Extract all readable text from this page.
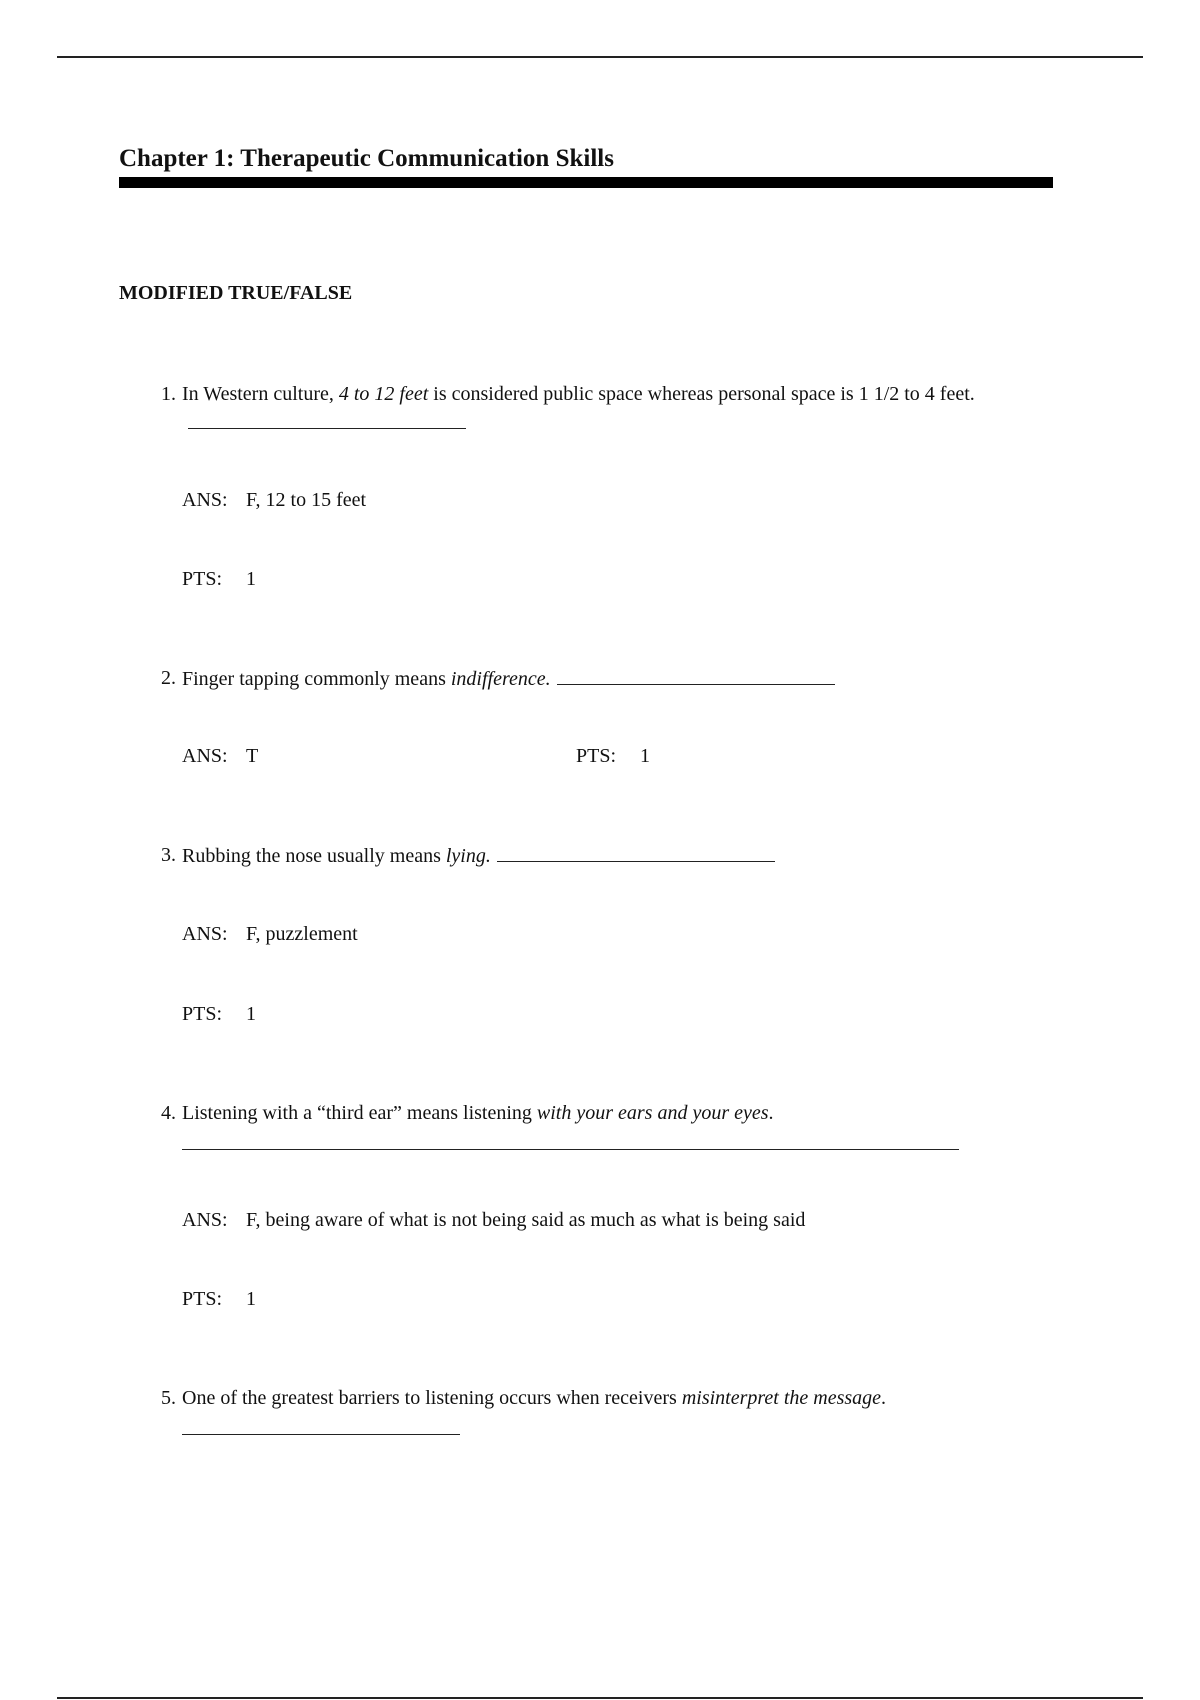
Chapter 1: Therapeutic Communication Skills
MODIFIED TRUE/FALSE
1. In Western culture, 4 to 12 feet is considered public space whereas personal space is 1 1/2 to 4 feet.
ANS: F, 12 to 15 feet
PTS: 1
2. Finger tapping commonly means indifference.
ANS: T	PTS: 1
3. Rubbing the nose usually means lying.
ANS: F, puzzlement
PTS: 1
4. Listening with a “third ear” means listening with your ears and your eyes.
ANS: F, being aware of what is not being said as much as what is being said
PTS: 1
5. One of the greatest barriers to listening occurs when receivers misinterpret the message.
